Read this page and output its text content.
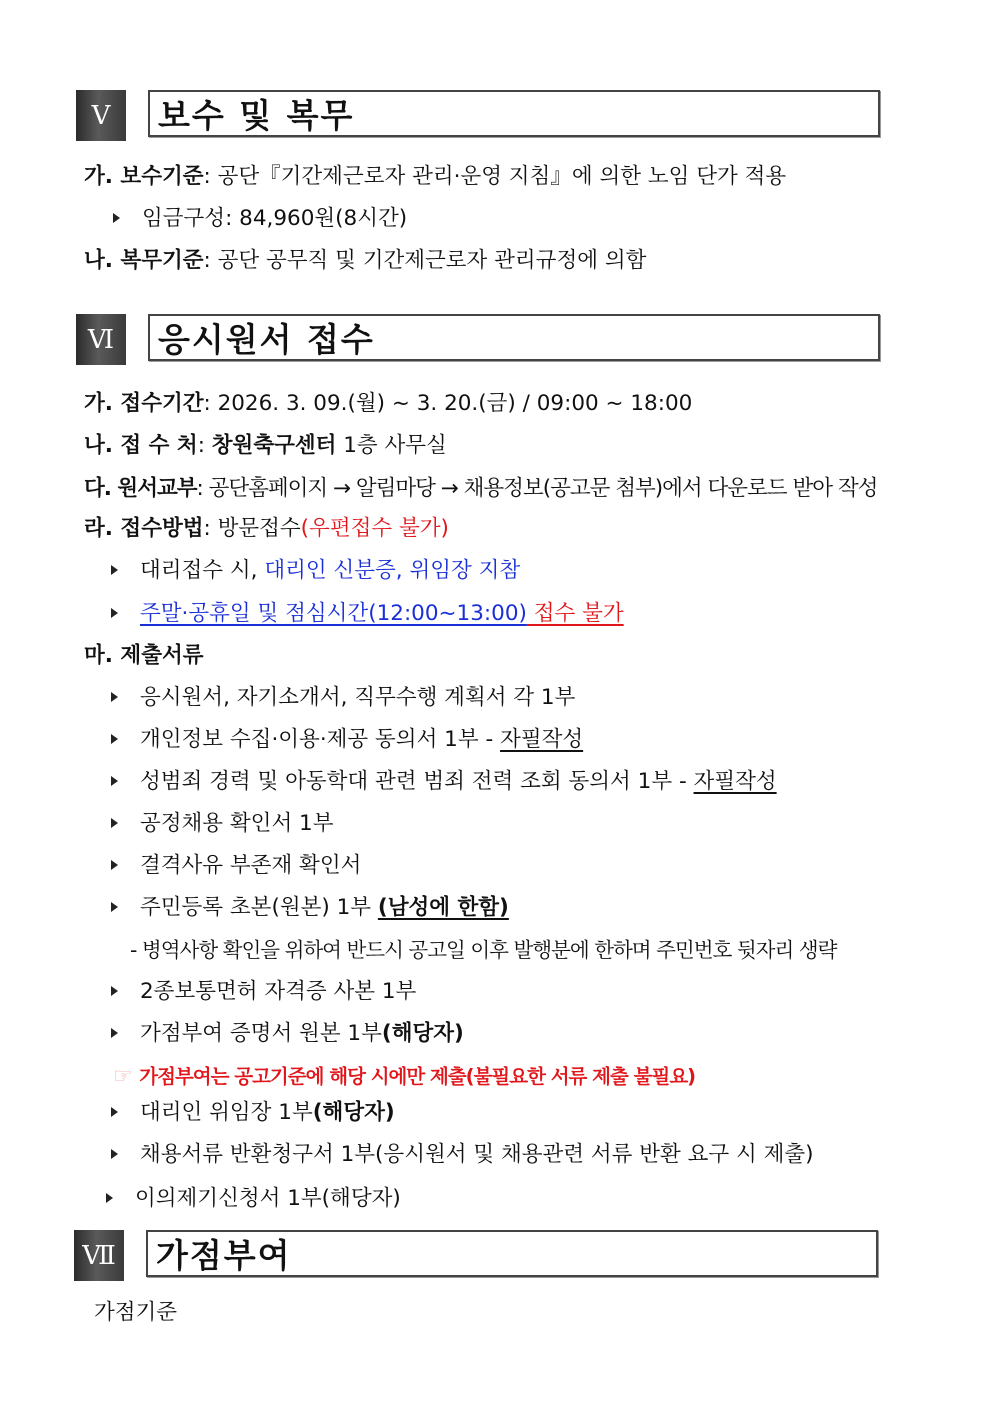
Ⅴ	보수 및 복무
가. 보수기준: 공단『기간제근로자 관리·운영 지침』에 의한 노임 단가 적용
임금구성: 84,960원(8시간)
나. 복무기준: 공단 공무직 및 기간제근로자 관리규정에 의함
Ⅵ	응시원서 접수
가. 접수기간: 2026. 3. 09.(월) ~ 3. 20.(금) / 09:00 ~ 18:00
나. 접 수 처: 창원축구센터 1층 사무실
다. 원서교부: 공단홈페이지 → 알림마당 → 채용정보(공고문 첨부)에서 다운로드 받아 작성
라. 접수방법: 방문접수(우편접수 불가)
대리접수 시, 대리인 신분증, 위임장 지참
주말·공휴일 및 점심시간(12:00~13:00) 접수 불가
마. 제출서류
응시원서, 자기소개서, 직무수행 계획서 각 1부
개인정보 수집·이용·제공 동의서 1부 - 자필작성
성범죄 경력 및 아동학대 관련 범죄 전력 조회 동의서 1부 - 자필작성
공정채용 확인서 1부
결격사유 부존재 확인서
주민등록 초본(원본) 1부 (남성에 한함)
- 병역사항 확인을 위하여 반드시 공고일 이후 발행분에 한하며 주민번호 뒷자리 생략
2종보통면허 자격증 사본 1부
가점부여 증명서 원본 1부(해당자)
☞ 가점부여는 공고기준에 해당 시에만 제출(불필요한 서류 제출 불필요)
대리인 위임장 1부(해당자)
채용서류 반환청구서 1부(응시원서 및 채용관련 서류 반환 요구 시 제출)
이의제기신청서 1부(해당자)
Ⅶ 가점부여
가점기준
